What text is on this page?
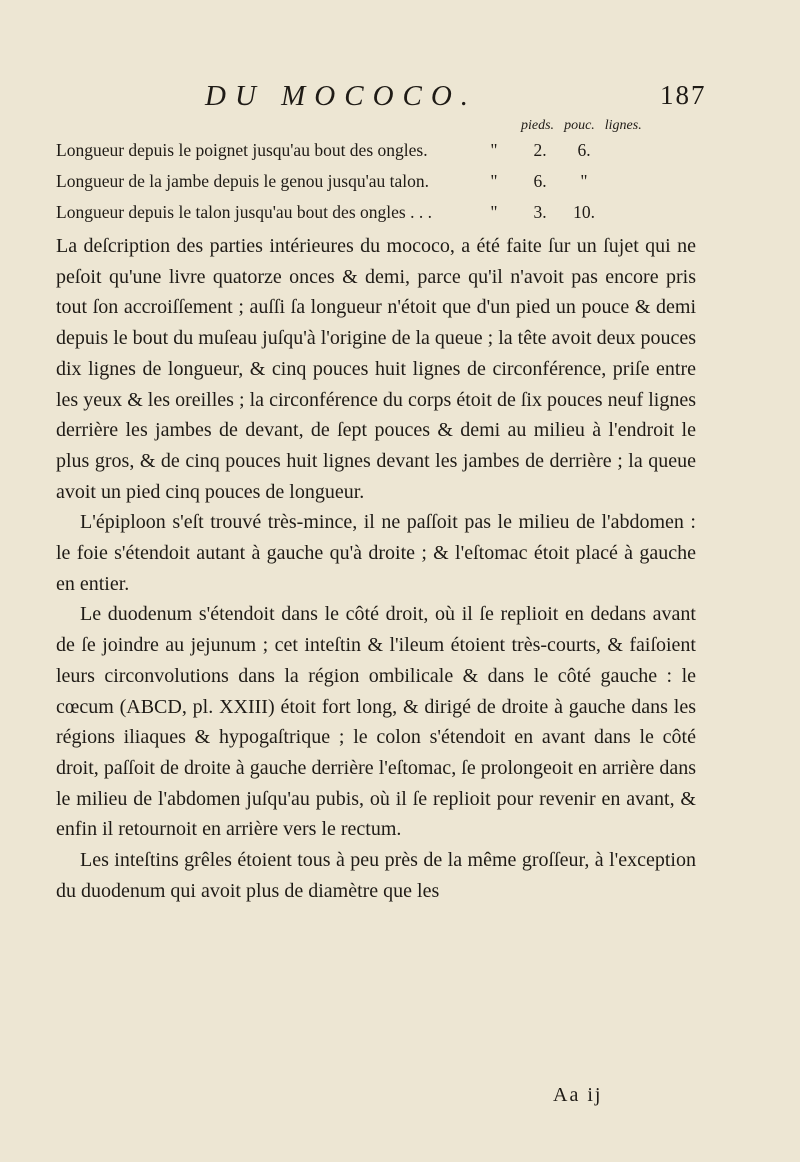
DU MOCOCO.	187
pieds. pouc. lignes.
Longueur depuis le poignet jusqu'au bout des ongles.	"	2.	6.
Longueur de la jambe depuis le genou jusqu'au talon.	"	6.	"
Longueur depuis le talon jusqu'au bout des ongles . . .	"	3.	10.

La deſcription des parties intérieures du mococo, a été faite ſur un ſujet qui ne peſoit qu'une livre quatorze onces & demi, parce qu'il n'avoit pas encore pris tout ſon accroiſſement ; auſſi ſa longueur n'étoit que d'un pied un pouce & demi depuis le bout du muſeau juſqu'à l'origine de la queue ; la tête avoit deux pouces dix lignes de longueur, & cinq pouces huit lignes de circonférence, priſe entre les yeux & les oreilles ; la circonférence du corps étoit de ſix pouces neuf lignes derrière les jambes de devant, de ſept pouces & demi au milieu à l'endroit le plus gros, & de cinq pouces huit lignes devant les jambes de derrière ; la queue avoit un pied cinq pouces de longueur.

L'épiploon s'eſt trouvé très-mince, il ne paſſoit pas le milieu de l'abdomen : le foie s'étendoit autant à gauche qu'à droite ; & l'eſtomac étoit placé à gauche en entier.

Le duodenum s'étendoit dans le côté droit, où il ſe replioit en dedans avant de ſe joindre au jejunum ; cet inteſtin & l'ileum étoient très-courts, & faiſoient leurs circonvolutions dans la région ombilicale & dans le côté gauche : le cœcum (ABCD, pl. XXIII) étoit fort long, & dirigé de droite à gauche dans les régions iliaques & hypogaſtrique ; le colon s'étendoit en avant dans le côté droit, paſſoit de droite à gauche derrière l'eſtomac, ſe prolongeoit en arrière dans le milieu de l'abdomen juſqu'au pubis, où il ſe replioit pour revenir en avant, & enfin il retournoit en arrière vers le rectum.

Les inteſtins grêles étoient tous à peu près de la même groſſeur, à l'exception du duodenum qui avoit plus de diamètre que les

Aa ij
